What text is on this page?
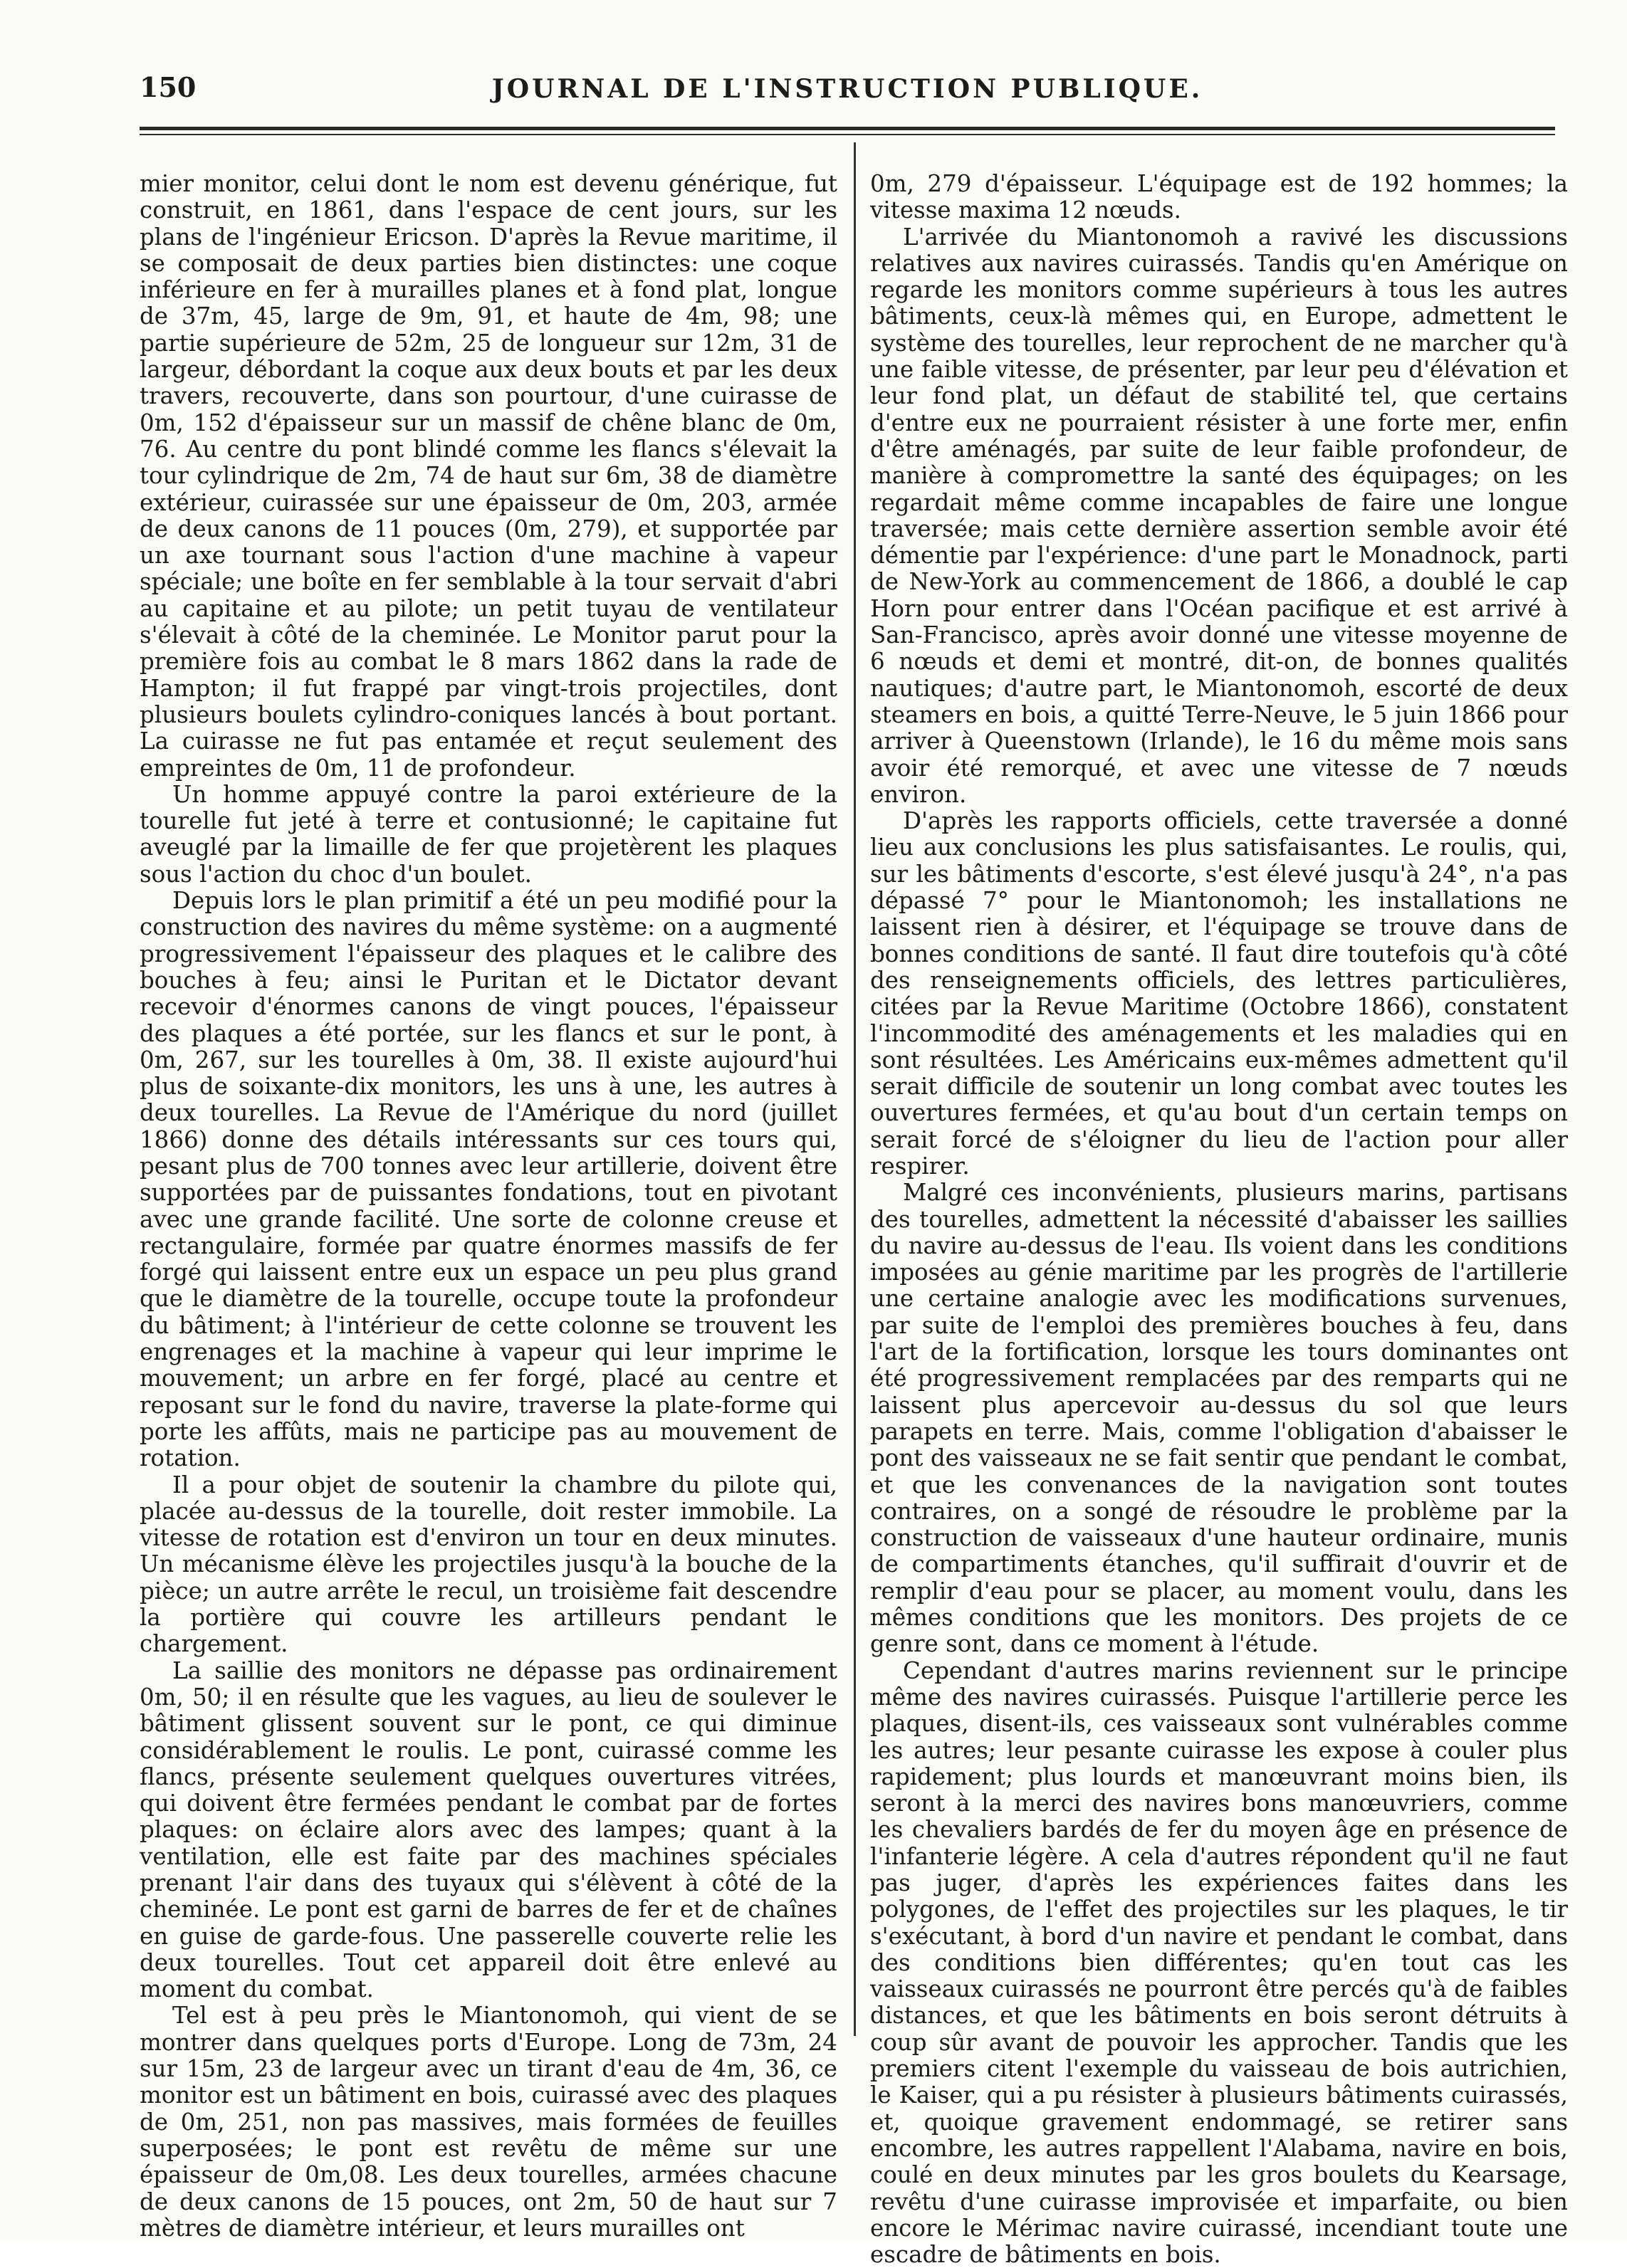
150	JOURNAL DE L'INSTRUCTION PUBLIQUE.

mier monitor, celui dont le nom est devenu générique, fut construit, en 1861, dans l'espace de cent jours, sur les plans de l'ingénieur Ericson. D'après la Revue maritime, il se composait de deux parties bien distinctes: une coque inférieure en fer à murailles planes et à fond plat, longue de 37m, 45, large de 9m, 91, et haute de 4m, 98; une partie supérieure de 52m, 25 de longueur sur 12m, 31 de largeur, débordant la coque aux deux bouts et par les deux travers, recouverte, dans son pourtour, d'une cuirasse de 0m, 152 d'épaisseur sur un massif de chêne blanc de 0m, 76. Au centre du pont blindé comme les flancs s'élevait la tour cylindrique de 2m, 74 de haut sur 6m, 38 de diamètre extérieur, cuirassée sur une épaisseur de 0m, 203, armée de deux canons de 11 pouces (0m, 279), et supportée par un axe tournant sous l'action d'une machine à vapeur spéciale; une boîte en fer semblable à la tour servait d'abri au capitaine et au pilote; un petit tuyau de ventilateur s'élevait à côté de la cheminée. Le Monitor parut pour la première fois au combat le 8 mars 1862 dans la rade de Hampton; il fut frappé par vingt-trois projectiles, dont plusieurs boulets cylindro-coniques lancés à bout portant. La cuirasse ne fut pas entamée et reçut seulement des empreintes de 0m, 11 de profondeur.

Un homme appuyé contre la paroi extérieure de la tourelle fut jeté à terre et contusionné; le capitaine fut aveuglé par la limaille de fer que projetèrent les plaques sous l'action du choc d'un boulet.

Depuis lors le plan primitif a été un peu modifié pour la construction des navires du même système: on a augmenté progressivement l'épaisseur des plaques et le calibre des bouches à feu; ainsi le Puritan et le Dictator devant recevoir d'énormes canons de vingt pouces, l'épaisseur des plaques a été portée, sur les flancs et sur le pont, à 0m, 267, sur les tourelles à 0m, 38. Il existe aujourd'hui plus de soixante-dix monitors, les uns à une, les autres à deux tourelles. La Revue de l'Amérique du nord (juillet 1866) donne des détails intéressants sur ces tours qui, pesant plus de 700 tonnes avec leur artillerie, doivent être supportées par de puissantes fondations, tout en pivotant avec une grande facilité. Une sorte de colonne creuse et rectangulaire, formée par quatre énormes massifs de fer forgé qui laissent entre eux un espace un peu plus grand que le diamètre de la tourelle, occupe toute la profondeur du bâtiment; à l'intérieur de cette colonne se trouvent les engrenages et la machine à vapeur qui leur imprime le mouvement; un arbre en fer forgé, placé au centre et reposant sur le fond du navire, traverse la plate-forme qui porte les affûts, mais ne participe pas au mouvement de rotation.

Il a pour objet de soutenir la chambre du pilote qui, placée au-dessus de la tourelle, doit rester immobile. La vitesse de rotation est d'environ un tour en deux minutes. Un mécanisme élève les projectiles jusqu'à la bouche de la pièce; un autre arrête le recul, un troisième fait descendre la portière qui couvre les artilleurs pendant le chargement.

La saillie des monitors ne dépasse pas ordinairement 0m, 50; il en résulte que les vagues, au lieu de soulever le bâtiment glissent souvent sur le pont, ce qui diminue considérablement le roulis. Le pont, cuirassé comme les flancs, présente seulement quelques ouvertures vitrées, qui doivent être fermées pendant le combat par de fortes plaques: on éclaire alors avec des lampes; quant à la ventilation, elle est faite par des machines spéciales prenant l'air dans des tuyaux qui s'élèvent à côté de la cheminée. Le pont est garni de barres de fer et de chaînes en guise de garde-fous. Une passerelle couverte relie les deux tourelles. Tout cet appareil doit être enlevé au moment du combat.

Tel est à peu près le Miantonomoh, qui vient de se montrer dans quelques ports d'Europe. Long de 73m, 24 sur 15m, 23 de largeur avec un tirant d'eau de 4m, 36, ce monitor est un bâtiment en bois, cuirassé avec des plaques de 0m, 251, non pas massives, mais formées de feuilles superposées; le pont est revêtu de même sur une épaisseur de 0m,08. Les deux tourelles, armées chacune de deux canons de 15 pouces, ont 2m, 50 de haut sur 7 mètres de diamètre intérieur, et leurs murailles ont

0m, 279 d'épaisseur. L'équipage est de 192 hommes; la vitesse maxima 12 nœuds.

L'arrivée du Miantonomoh a ravivé les discussions relatives aux navires cuirassés. Tandis qu'en Amérique on regarde les monitors comme supérieurs à tous les autres bâtiments, ceux-là mêmes qui, en Europe, admettent le système des tourelles, leur reprochent de ne marcher qu'à une faible vitesse, de présenter, par leur peu d'élévation et leur fond plat, un défaut de stabilité tel, que certains d'entre eux ne pourraient résister à une forte mer, enfin d'être aménagés, par suite de leur faible profondeur, de manière à compromettre la santé des équipages; on les regardait même comme incapables de faire une longue traversée; mais cette dernière assertion semble avoir été démentie par l'expérience: d'une part le Monadnock, parti de New-York au commencement de 1866, a doublé le cap Horn pour entrer dans l'Océan pacifique et est arrivé à San-Francisco, après avoir donné une vitesse moyenne de 6 nœuds et demi et montré, dit-on, de bonnes qualités nautiques; d'autre part, le Miantonomoh, escorté de deux steamers en bois, a quitté Terre-Neuve, le 5 juin 1866 pour arriver à Queenstown (Irlande), le 16 du même mois sans avoir été remorqué, et avec une vitesse de 7 nœuds environ.

D'après les rapports officiels, cette traversée a donné lieu aux conclusions les plus satisfaisantes. Le roulis, qui, sur les bâtiments d'escorte, s'est élevé jusqu'à 24°, n'a pas dépassé 7° pour le Miantonomoh; les installations ne laissent rien à désirer, et l'équipage se trouve dans de bonnes conditions de santé. Il faut dire toutefois qu'à côté des renseignements officiels, des lettres particulières, citées par la Revue Maritime (Octobre 1866), constatent l'incommodité des aménagements et les maladies qui en sont résultées. Les Américains eux-mêmes admettent qu'il serait difficile de soutenir un long combat avec toutes les ouvertures fermées, et qu'au bout d'un certain temps on serait forcé de s'éloigner du lieu de l'action pour aller respirer.

Malgré ces inconvénients, plusieurs marins, partisans des tourelles, admettent la nécessité d'abaisser les saillies du navire au-dessus de l'eau. Ils voient dans les conditions imposées au génie maritime par les progrès de l'artillerie une certaine analogie avec les modifications survenues, par suite de l'emploi des premières bouches à feu, dans l'art de la fortification, lorsque les tours dominantes ont été progressivement remplacées par des remparts qui ne laissent plus apercevoir au-dessus du sol que leurs parapets en terre. Mais, comme l'obligation d'abaisser le pont des vaisseaux ne se fait sentir que pendant le combat, et que les convenances de la navigation sont toutes contraires, on a songé de résoudre le problème par la construction de vaisseaux d'une hauteur ordinaire, munis de compartiments étanches, qu'il suffirait d'ouvrir et de remplir d'eau pour se placer, au moment voulu, dans les mêmes conditions que les monitors. Des projets de ce genre sont, dans ce moment à l'étude.

Cependant d'autres marins reviennent sur le principe même des navires cuirassés. Puisque l'artillerie perce les plaques, disent-ils, ces vaisseaux sont vulnérables comme les autres; leur pesante cuirasse les expose à couler plus rapidement; plus lourds et manœuvrant moins bien, ils seront à la merci des navires bons manœuvriers, comme les chevaliers bardés de fer du moyen âge en présence de l'infanterie légère. A cela d'autres répondent qu'il ne faut pas juger, d'après les expériences faites dans les polygones, de l'effet des projectiles sur les plaques, le tir s'exécutant, à bord d'un navire et pendant le combat, dans des conditions bien différentes; qu'en tout cas les vaisseaux cuirassés ne pourront être percés qu'à de faibles distances, et que les bâtiments en bois seront détruits à coup sûr avant de pouvoir les approcher. Tandis que les premiers citent l'exemple du vaisseau de bois autrichien, le Kaiser, qui a pu résister à plusieurs bâtiments cuirassés, et, quoique gravement endommagé, se retirer sans encombre, les autres rappellent l'Alabama, navire en bois, coulé en deux minutes par les gros boulets du Kearsage, revêtu d'une cuirasse improvisée et imparfaite, ou bien encore le Mérimac navire cuirassé, incendiant toute une escadre de bâtiments en bois.
